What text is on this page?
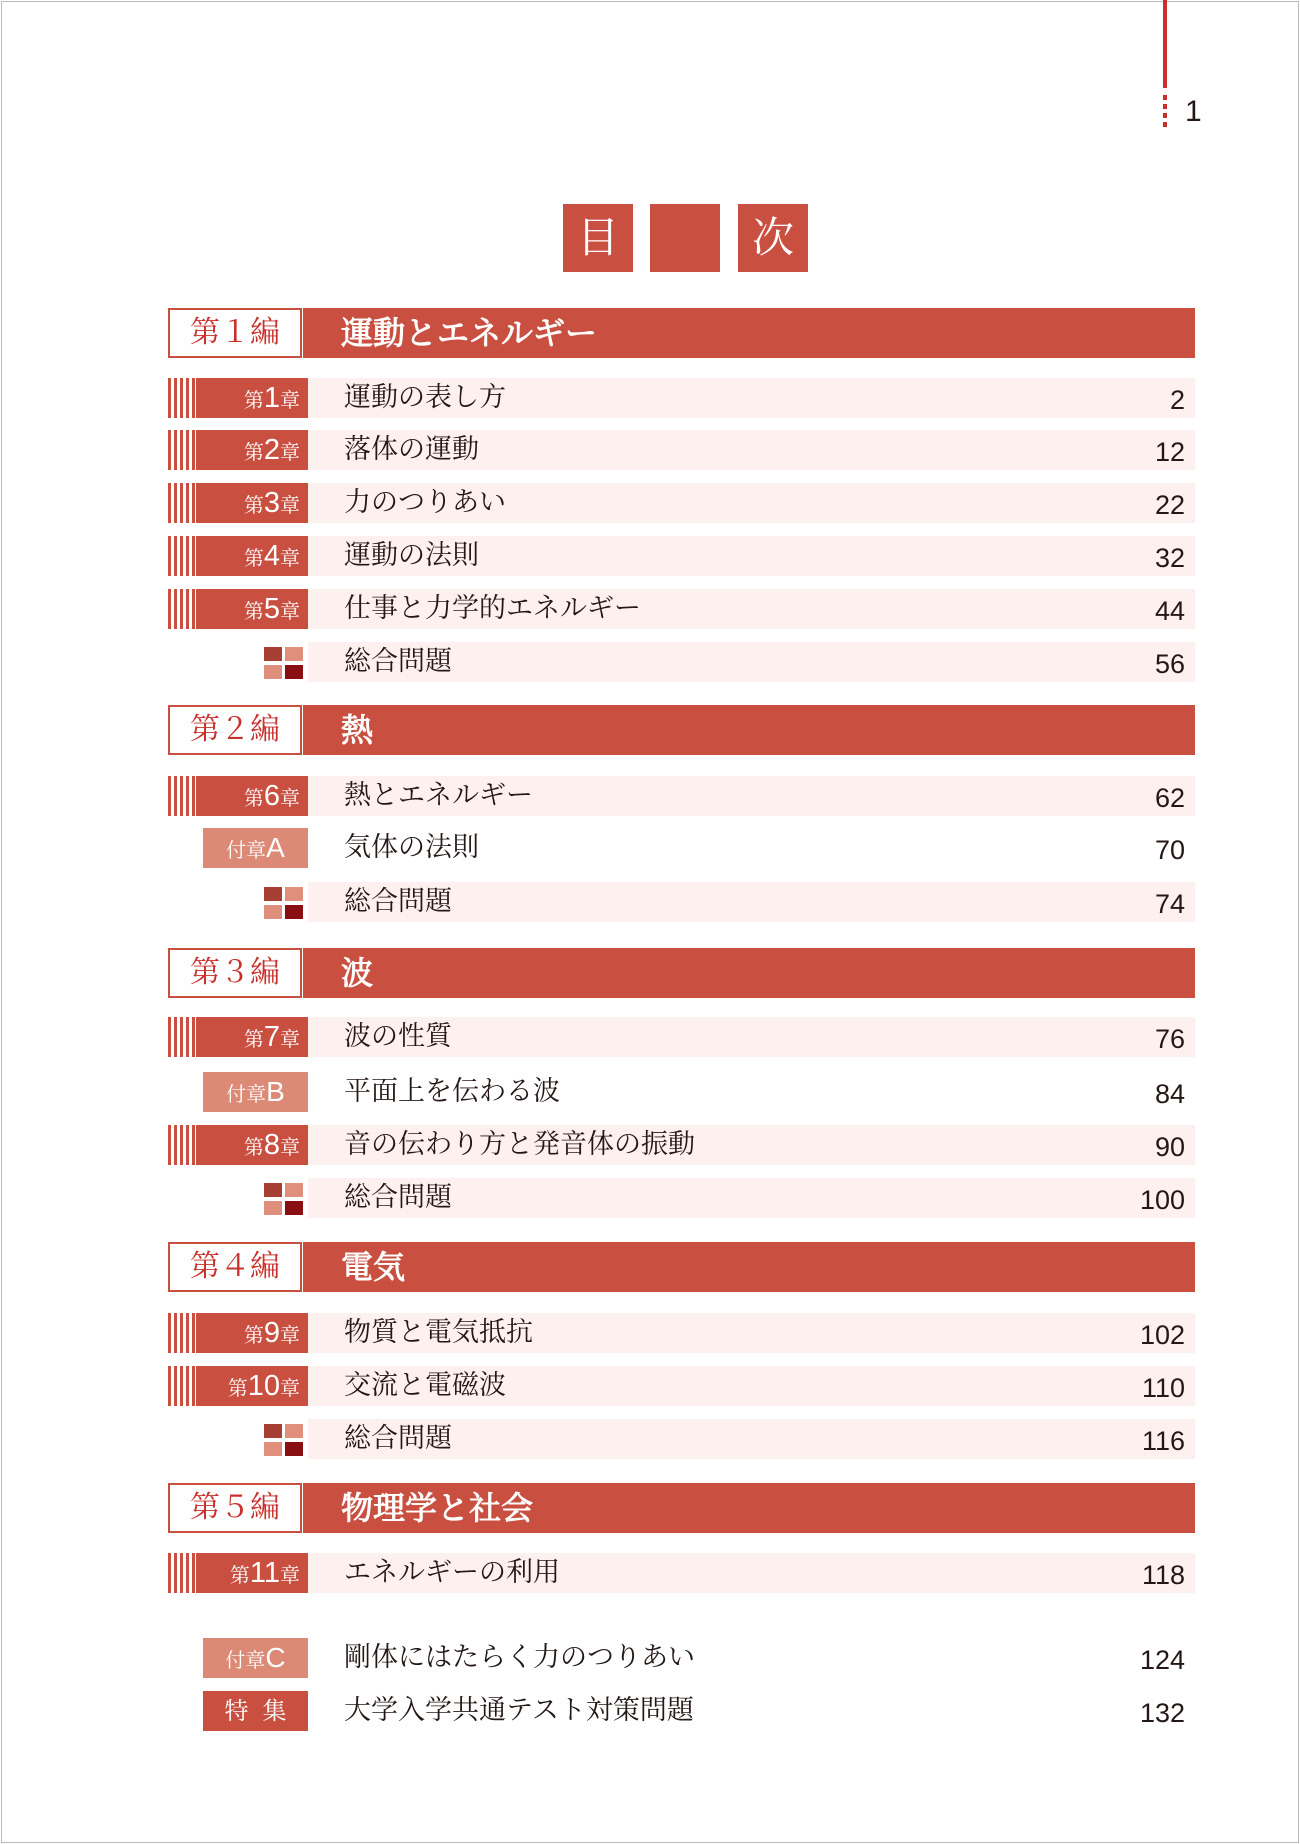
1
目	次
第１編	運動とエネルギー
第1章 運動の表し方	2
第2章 落体の運動	12
第3章 力のつりあい	22
第4章 運動の法則	32
第5章 仕事と力学的エネルギー	44
総合問題	56
第２編	熱
第6章 熱とエネルギー	62
付章A	気体の法則	70
総合問題	74
第３編	波
第7章 波の性質	76
付章B	平面上を伝わる波	84
第8章 音の伝わり方と発音体の振動	90
総合問題	100
第４編	電気
第9章 物質と電気抵抗	102
第10章 交流と電磁波	110
総合問題	116
第５編	物理学と社会
第11章 エネルギーの利用	118
付章C	剛体にはたらく力のつりあい	124
特集 大学入学共通テスト対策問題	132
